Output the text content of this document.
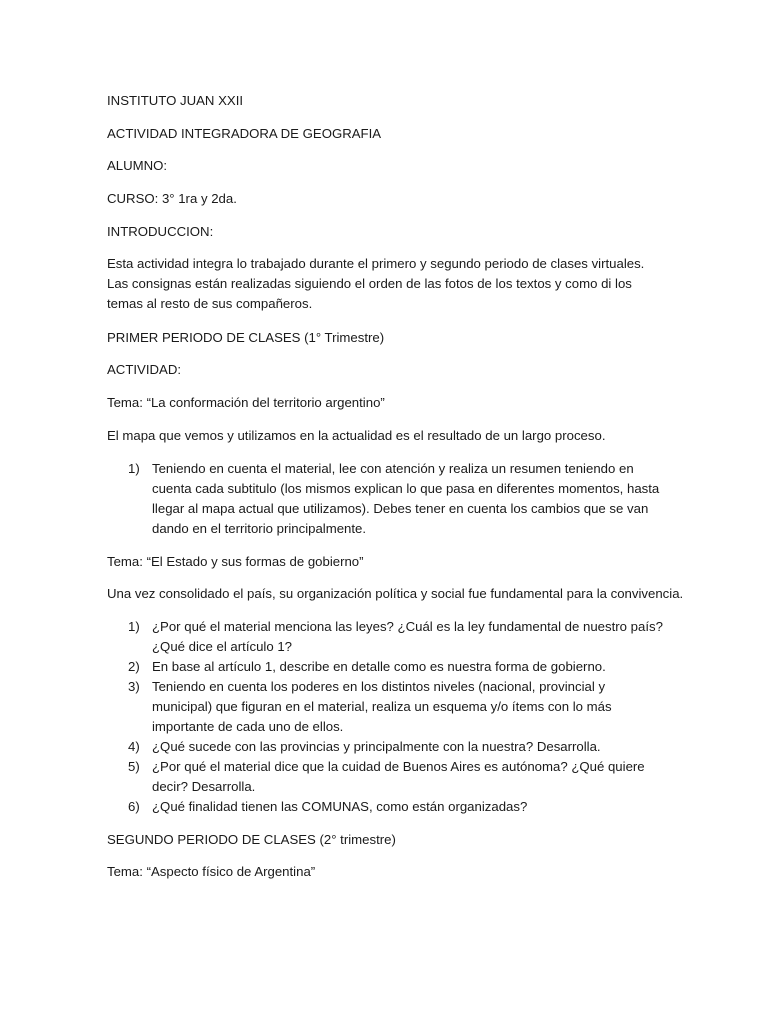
INSTITUTO JUAN XXII
ACTIVIDAD INTEGRADORA DE GEOGRAFIA
ALUMNO:
CURSO: 3° 1ra y 2da.
INTRODUCCION:
Esta actividad integra lo trabajado durante el primero y segundo periodo de clases virtuales. Las consignas están realizadas siguiendo el orden de las fotos de los textos y como di los temas al resto de sus compañeros.
PRIMER PERIODO DE CLASES (1° Trimestre)
ACTIVIDAD:
Tema: “La conformación del territorio argentino”
El mapa que vemos y utilizamos en la actualidad es el resultado de un largo proceso.
1) Teniendo en cuenta el material, lee con atención y realiza un resumen teniendo en cuenta cada subtitulo (los mismos explican lo que pasa en diferentes momentos, hasta llegar al mapa actual que utilizamos). Debes tener en cuenta los cambios que se van dando en el territorio principalmente.
Tema: “El Estado y sus formas de gobierno”
Una vez consolidado el país, su organización política y social fue fundamental para la convivencia.
1) ¿Por qué el material menciona las leyes? ¿Cuál es la ley fundamental de nuestro país? ¿Qué dice el artículo 1?
2) En base al artículo 1, describe en detalle como es nuestra forma de gobierno.
3) Teniendo en cuenta los poderes en los distintos niveles (nacional, provincial y municipal) que figuran en el material, realiza un esquema y/o ítems con lo más importante de cada uno de ellos.
4) ¿Qué sucede con las provincias y principalmente con la nuestra? Desarrolla.
5) ¿Por qué el material dice que la cuidad de Buenos Aires es autónoma? ¿Qué quiere decir? Desarrolla.
6) ¿Qué finalidad tienen las COMUNAS, como están organizadas?
SEGUNDO PERIODO DE CLASES (2° trimestre)
Tema: “Aspecto físico de Argentina”
